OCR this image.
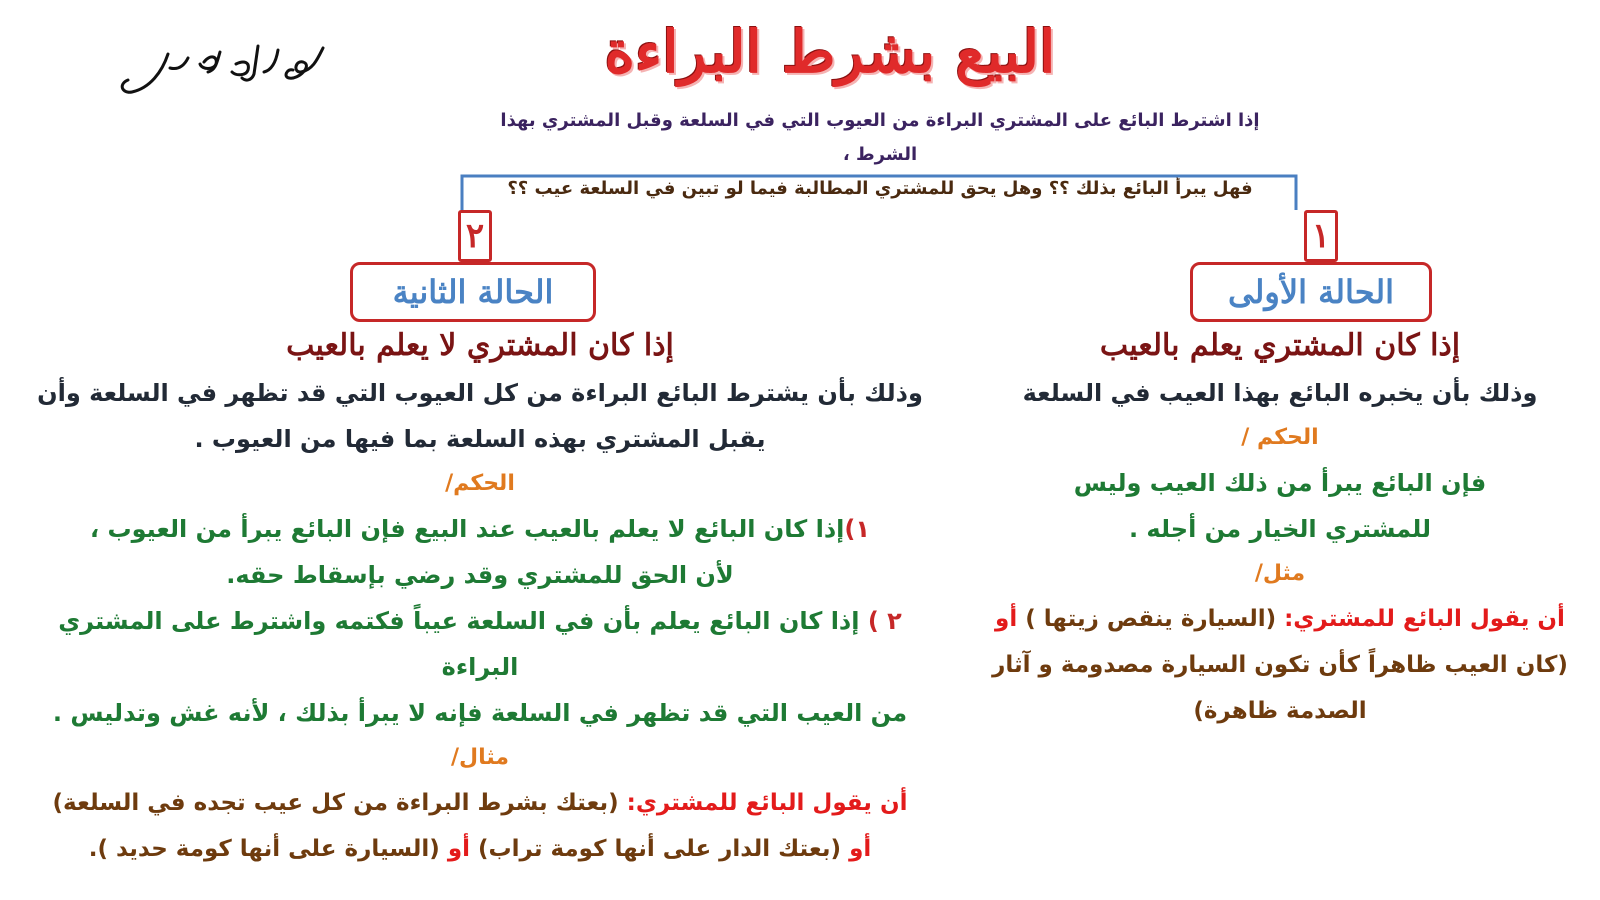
البيع بشرط البراءة
إذا اشترط البائع على المشتري البراءة من العيوب التي في السلعة وقبل المشتري بهذا الشرط ،
فهل يبرأ البائع بذلك ؟؟ وهل يحق للمشتري المطالبة فيما لو تبين في السلعة عيب ؟؟
١
٢
الحالة الأولى
الحالة الثانية
إذا كان المشتري يعلم بالعيب
وذلك بأن يخبره البائع بهذا العيب في السلعة
الحكم /
فإن البائع يبرأ من ذلك العيب وليس
للمشتري الخيار من أجله .
مثل/
أن يقول البائع للمشتري: (السيارة ينقص زيتها ) أو
(كان العيب ظاهراً كأن تكون السيارة مصدومة و آثار
الصدمة ظاهرة)
إذا كان المشتري لا يعلم بالعيب
وذلك بأن يشترط البائع البراءة من كل العيوب التي قد تظهر في السلعة وأن
يقبل المشتري بهذه السلعة بما فيها من العيوب .
الحكم/
١)إذا كان البائع لا يعلم بالعيب عند البيع فإن البائع يبرأ من العيوب ،
لأن الحق للمشتري وقد رضي بإسقاط حقه.
٢ ) إذا كان البائع يعلم بأن في السلعة عيباً فكتمه واشترط على المشتري البراءة
من العيب التي قد تظهر في السلعة فإنه لا يبرأ بذلك ، لأنه غش وتدليس .
مثال/
أن يقول البائع للمشتري: (بعتك بشرط البراءة من كل عيب تجده في السلعة)
أو (بعتك الدار على أنها كومة تراب) أو (السيارة على أنها كومة حديد ).
